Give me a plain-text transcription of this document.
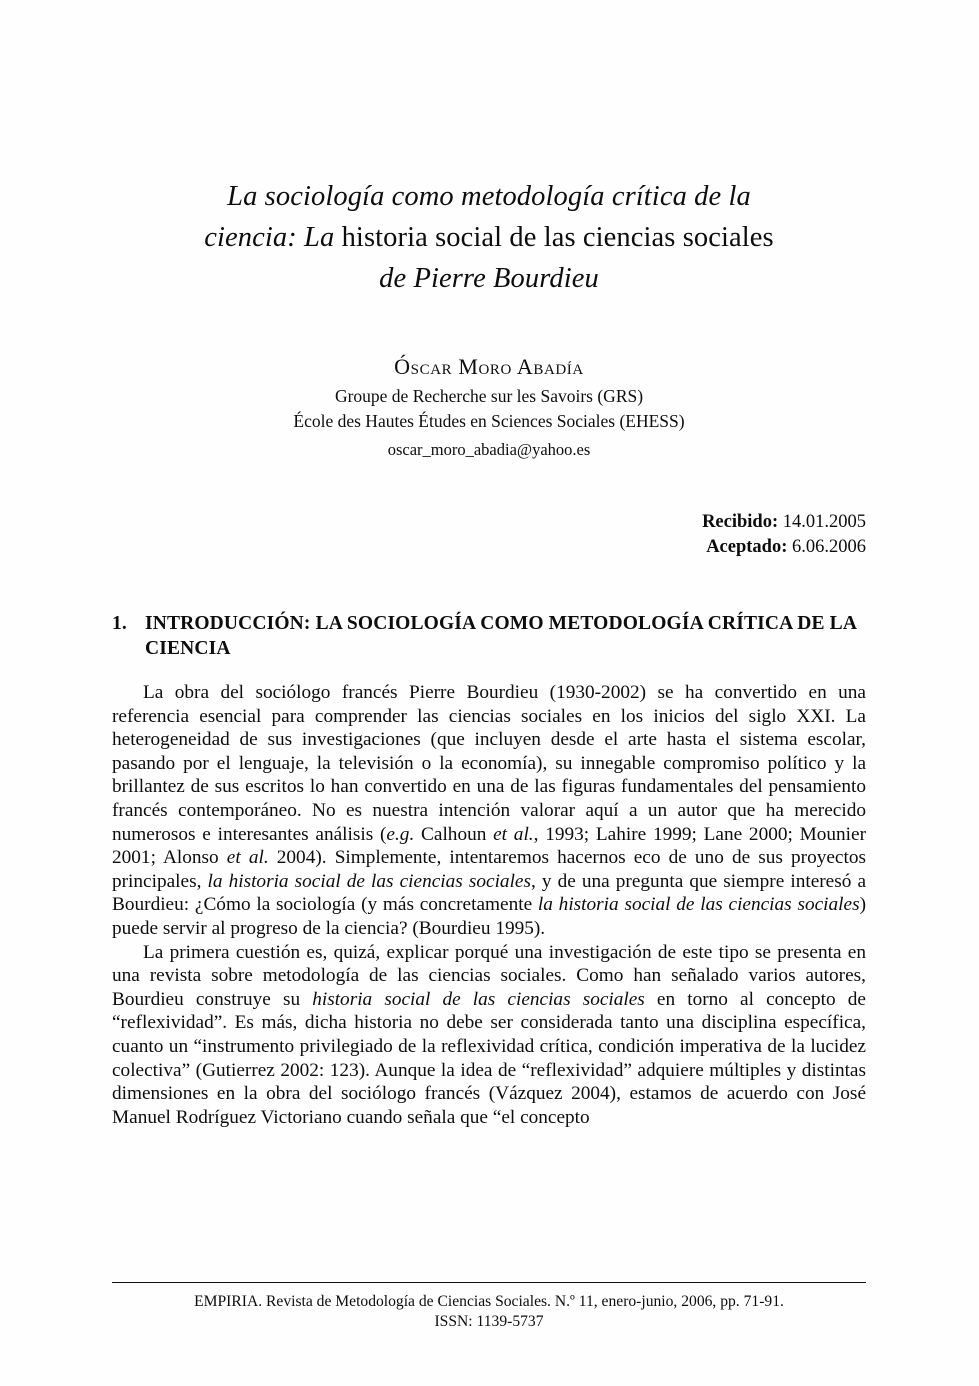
La sociología como metodología crítica de la
ciencia: La historia social de las ciencias sociales
de Pierre Bourdieu
Óscar Moro Abadía
Groupe de Recherche sur les Savoirs (GRS)
École des Hautes Études en Sciences Sociales (EHESS)
oscar_moro_abadia@yahoo.es
Recibido: 14.01.2005
Aceptado: 6.06.2006
1. INTRODUCCIÓN: LA SOCIOLOGÍA COMO METODOLOGÍA CRÍTICA DE LA CIENCIA

La obra del sociólogo francés Pierre Bourdieu (1930-2002) se ha convertido en una referencia esencial para comprender las ciencias sociales en los inicios del siglo XXI. La heterogeneidad de sus investigaciones (que incluyen desde el arte hasta el sistema escolar, pasando por el lenguaje, la televisión o la economía), su innegable compromiso político y la brillantez de sus escritos lo han convertido en una de las figuras fundamentales del pensamiento francés contemporáneo. No es nuestra intención valorar aquí a un autor que ha merecido numerosos e interesantes análisis (e.g. Calhoun et al., 1993; Lahire 1999; Lane 2000; Mounier 2001; Alonso et al. 2004). Simplemente, intentaremos hacernos eco de uno de sus proyectos principales, la historia social de las ciencias sociales, y de una pregunta que siempre interesó a Bourdieu: ¿Cómo la sociología (y más concretamente la historia social de las ciencias sociales) puede servir al progreso de la ciencia? (Bourdieu 1995).

La primera cuestión es, quizá, explicar porqué una investigación de este tipo se presenta en una revista sobre metodología de las ciencias sociales. Como han señalado varios autores, Bourdieu construye su historia social de las ciencias sociales en torno al concepto de “reflexividad”. Es más, dicha historia no debe ser considerada tanto una disciplina específica, cuanto un “instrumento privilegiado de la reflexividad crítica, condición imperativa de la lucidez colectiva” (Gutierrez 2002: 123). Aunque la idea de “reflexividad” adquiere múltiples y distintas dimensiones en la obra del sociólogo francés (Vázquez 2004), estamos de acuerdo con José Manuel Rodríguez Victoriano cuando señala que “el concepto

EMPIRIA. Revista de Metodología de Ciencias Sociales. N.º 11, enero-junio, 2006, pp. 71-91.
ISSN: 1139-5737
